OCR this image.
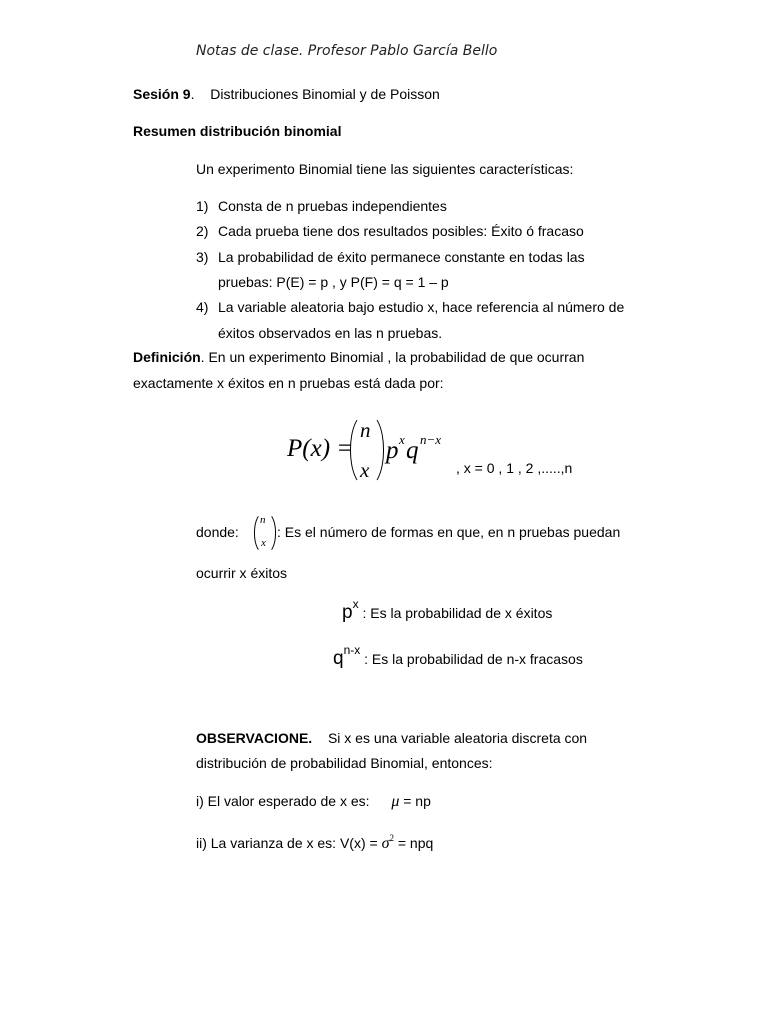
Notas de clase. Profesor Pablo García Bello
Sesión 9. Distribuciones Binomial y de Poisson
Resumen distribución binomial
Un experimento Binomial tiene las siguientes características:
1) Consta de n pruebas independientes
2) Cada prueba tiene dos resultados posibles: Éxito ó fracaso
3) La probabilidad de éxito permanece constante en todas las
pruebas: P(E) = p , y P(F) = q = 1 – p
4) La variable aleatoria bajo estudio x, hace referencia al número de
éxitos observados en las n pruebas.
Definición. En un experimento Binomial , la probabilidad de que ocurran
exactamente x éxitos en n pruebas está dada por:
P(x) =
n
x
p x q n−x
, x = 0 , 1 , 2 ,.....,n
donde:
n
x
: Es el número de formas en que, en n pruebas puedan
ocurrir x éxitos
px : Es la probabilidad de x éxitos
qn-x : Es la probabilidad de n-x fracasos
OBSERVACIONE. Si x es una variable aleatoria discreta con
distribución de probabilidad Binomial, entonces:
i) El valor esperado de x es: μ = np
ii) La varianza de x es: $V(x) = \sigma^2$ = npq
